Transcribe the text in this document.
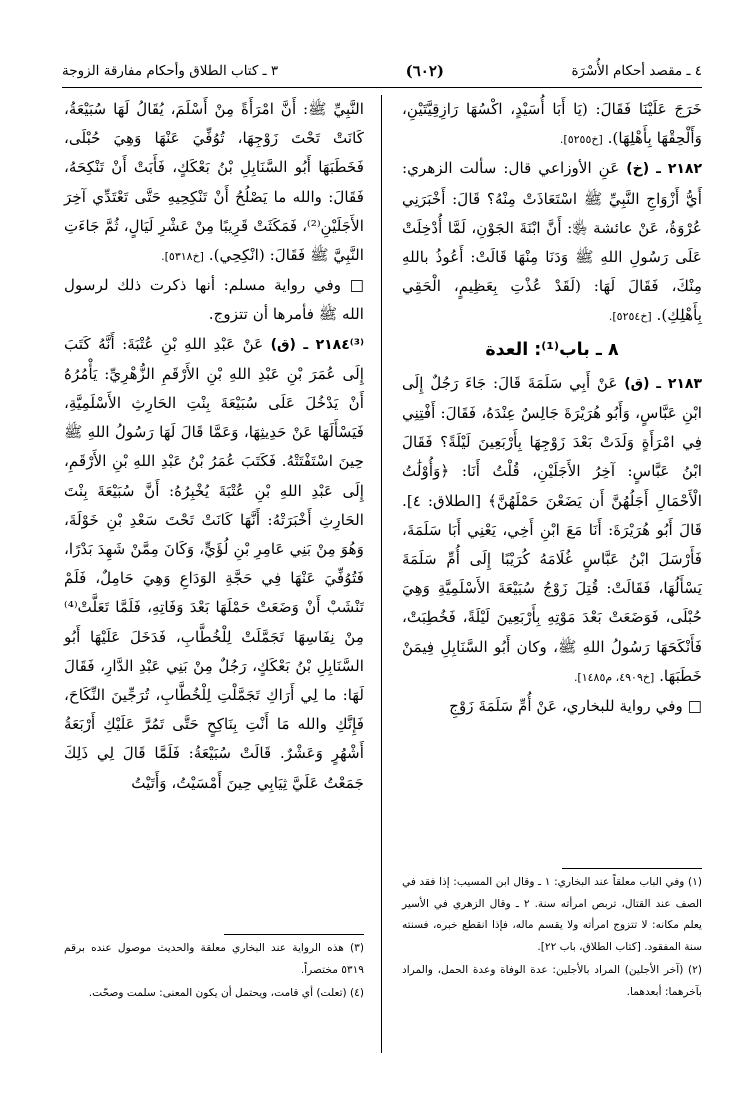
٤ ـ مقصد أحكام الأُسْرَة
(٦٠٢)
٣ ـ كتاب الطلاق وأحكام مفارقة الزوجة

خَرَجَ عَلَيْنَا فَقَالَ: (يَا أَبَا أُسَيْدٍ، اكْسُهَا رَازِقِيَّتَيْنِ، وَأَلْحِقْهَا بِأَهْلِهَا). [خ٥٢٥٥].

٢١٨٢ ـ (خ) عَنِ الأوزاعي قال: سألت الزهري: أَيُّ أَزْوَاجِ النَّبِيِّ ﷺ اسْتَعَاذَتْ مِنْهُ؟ قَالَ: أَخْبَرَنِي عُرْوَةُ، عَنْ عائشة ﵂: أَنَّ ابْنَةَ الجَوْنِ، لَمَّا أُدْخِلَتْ عَلَى رَسُولِ اللهِ ﷺ وَدَنَا مِنْهَا قَالَتْ: أَعُوذُ باللهِ مِنْكَ، فَقَالَ لَهَا: (لَقَدْ عُذْتِ بِعَظِيمٍ، الْحَقِي بِأَهْلِكِ). [خ٥٢٥٤].

٨ ـ باب⁽¹⁾: العدة

٢١٨٣ ـ (ق) عَنْ أَبِي سَلَمَةَ قَالَ: جَاءَ رَجُلٌ إِلَى ابْنِ عَبَّاسٍ، وَأَبُو هُرَيْرَةَ جَالِسٌ عِنْدَهُ، فَقَالَ: أَفْتِنِي فِي امْرَأَةٍ وَلَدَتْ بَعْدَ زَوْجِهَا بِأَرْبَعِينَ لَيْلَةً؟ فَقَالَ ابْنُ عَبَّاسٍ: آخِرُ الأَجَلَيْنِ، قُلْتُ أَنَا: ﴿وَأُوْلَٰتُ الْأَحْمَالِ أَجَلُهُنَّ أَن يَضَعْنَ حَمْلَهُنَّ﴾ [الطلاق: ٤]. قَالَ أَبُو هُرَيْرَةَ: أَنَا مَعَ ابْنِ أَخِي، يَعْنِي أَبَا سَلَمَةَ، فَأَرْسَلَ ابْنُ عَبَّاسٍ غُلَامَهُ كُرَيْبًا إِلَى أُمِّ سَلَمَةَ يَسْأَلُهَا، فَقَالَتْ: قُتِلَ زَوْجُ سُبَيْعَةَ الأَسْلَمِيَّةِ وَهِيَ حُبْلَى، فَوَضَعَتْ بَعْدَ مَوْتِهِ بِأَرْبَعِينَ لَيْلَةً، فَخُطِبَتْ، فَأَنْكَحَهَا رَسُولُ اللهِ ﷺ، وكان أَبُو السَّنَابِلِ فِيمَنْ خَطَبَهَا. [خ٤٩٠٩، م١٤٨٥].

□ وفي رواية للبخاري، عَنْ أُمِّ سَلَمَةَ زَوْجِ

النَّبِيِّ ﷺ: أَنَّ امْرَأَةً مِنْ أَسْلَمَ، يُقَالُ لَهَا سُبَيْعَةُ، كَانَتْ تَحْتَ زَوْجِهَا، تُوُفِّيَ عَنْهَا وَهِيَ حُبْلَى، فَخَطَبَهَا أَبُو السَّنَابِلِ بْنُ بَعْكَكٍ، فَأَبَتْ أَنْ تَنْكِحَهُ، فَقَالَ: والله ما يَصْلُحُ أَنْ تَنْكِحِيهِ حَتَّى تَعْتَدِّي آخِرَ الأَجَلَيْنِ⁽²⁾، فَمَكَثَتْ قَرِيبًا مِنْ عَشْرِ لَيَالٍ، ثُمَّ جَاءَتِ النَّبِيَّ ﷺ فَقَالَ: (انْكِحِي). [خ٥٣١٨].

□ وفي رواية مسلم: أنها ذكرت ذلك لرسول الله ﷺ فأمرها أن تتزوج.

⁽³⁾٢١٨٤ ـ (ق) عَنْ عَبْدِ اللهِ بْنِ عُتْبَةَ: أَنَّهُ كَتَبَ إِلَى عُمَرَ بْنِ عَبْدِ اللهِ بْنِ الأَرْقَمِ الزُّهْرِيِّ: يَأْمُرُهُ أَنْ يَدْخُلَ عَلَى سُبَيْعَةَ بِنْتِ الحَارِثِ الأَسْلَمِيَّةِ، فَيَسْأَلَهَا عَنْ حَدِيثِهَا، وَعَمَّا قَالَ لَهَا رَسُولُ اللهِ ﷺ حِينَ اسْتَفْتَتْهُ. فَكَتَبَ عُمَرُ بْنُ عَبْدِ اللهِ بْنِ الأَرْقَمِ، إِلَى عَبْدِ اللهِ بْنِ عُتْبَةَ يُخْبِرُهُ: أَنَّ سُبَيْعَةَ بِنْتَ الحَارِثِ أَخْبَرَتْهُ: أَنَّهَا كَانَتْ تَحْتَ سَعْدِ بْنِ خَوْلَةَ، وَهُوَ مِنْ بَنِي عَامِرِ بْنِ لُؤَيٍّ، وَكَانَ مِمَّنْ شَهِدَ بَدْرًا، فَتُوُفِّيَ عَنْهَا فِي حَجَّةِ الوَدَاعِ وَهِيَ حَامِلٌ، فَلَمْ تَنْشَبْ أَنْ وَضَعَتْ حَمْلَهَا بَعْدَ وَفَاتِهِ، فَلَمَّا تَعَلَّتْ⁽⁴⁾ مِنْ نِفَاسِهَا تَجَمَّلَتْ لِلْخُطَّابِ، فَدَخَلَ عَلَيْهَا أَبُو السَّنَابِلِ بْنُ بَعْكَكٍ، رَجُلٌ مِنْ بَنِي عَبْدِ الدَّارِ، فَقَالَ لَهَا: ما لِي أَرَاكِ تَجَمَّلْتِ لِلْخُطَّابِ، تُرَجِّينَ النِّكَاحَ، فَإِنَّكِ والله مَا أَنْتِ بِنَاكِحٍ حَتَّى تَمُرَّ عَلَيْكِ أَرْبَعَةُ أَشْهُرٍ وَعَشْرٌ. قَالَتْ سُبَيْعَةُ: فَلَمَّا قَالَ لِي ذَلِكَ جَمَعْتُ عَلَيَّ ثِيَابِي حِينَ أَمْسَيْتُ، وَأَتَيْتُ

(١) وفي الباب معلقاً عند البخاري: ١ ـ وقال ابن المسيب: إذا فقد في الصف عند القتال، تربص امرأته سنة. ٢ ـ وقال الزهري في الأسير يعلم مكانه: لا تتزوج امرأته ولا يقسم ماله، فإذا انقطع خبره، فسنته سنة المفقود. [كتاب الطلاق، باب ٢٢].

(٢) (آخر الأجلين) المراد بالأجلين: عدة الوفاة وعدة الحمل، والمراد بآخرهما: أبعدهما.

(٣) هذه الرواية عند البخاري معلقة والحديث موصول عنده برقم ٥٣١٩ مختصراً.

(٤) (تعلت) أي قامت، ويحتمل أن يكون المعنى: سلمت وصحّت.
